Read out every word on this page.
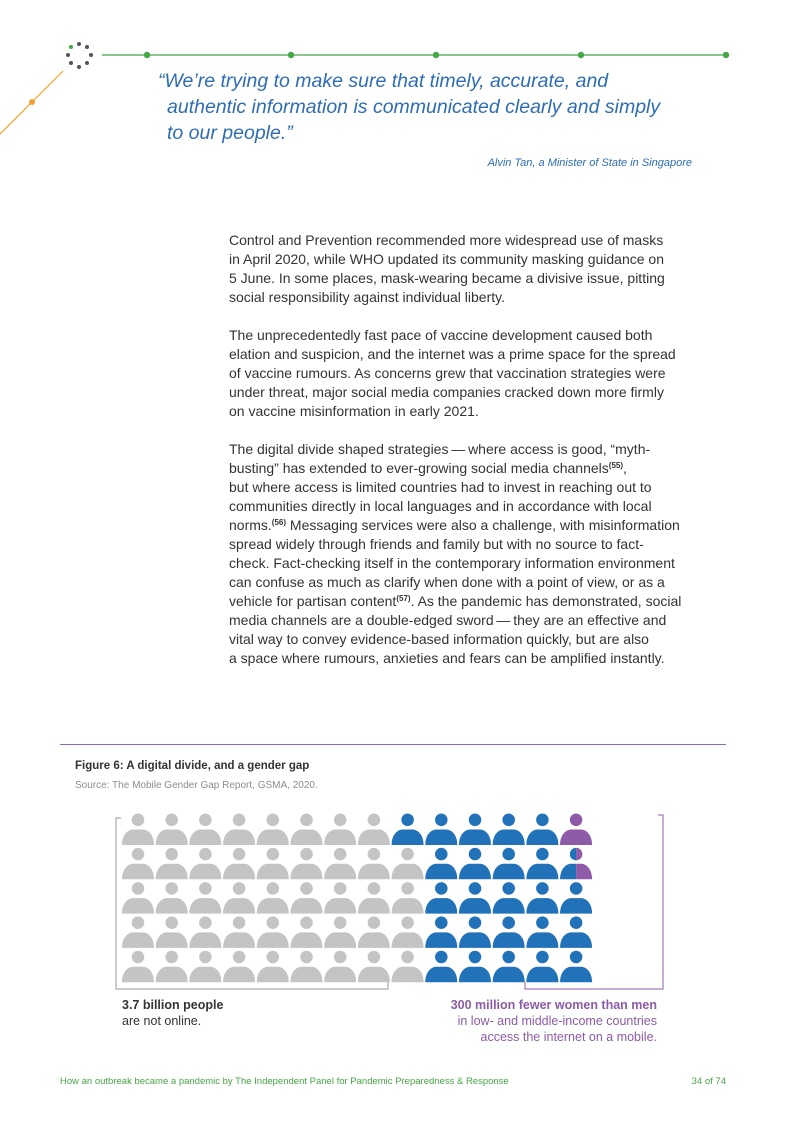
“We’re trying to make sure that timely, accurate, and
authentic information is communicated clearly and simply
to our people.”
Alvin Tan, a Minister of State in Singapore

Control and Prevention recommended more widespread use of masks
in April 2020, while WHO updated its community masking guidance on
5 June. In some places, mask-wearing became a divisive issue, pitting
social responsibility against individual liberty.

The unprecedentedly fast pace of vaccine development caused both
elation and suspicion, and the internet was a prime space for the spread
of vaccine rumours. As concerns grew that vaccination strategies were
under threat, major social media companies cracked down more firmly
on vaccine misinformation in early 2021.

The digital divide shaped strategies — where access is good, “myth-
busting” has extended to ever-growing social media channels$^{(55)}$,
but where access is limited countries had to invest in reaching out to
communities directly in local languages and in accordance with local
norms.$^{(56)}$ Messaging services were also a challenge, with misinformation
spread widely through friends and family but with no source to fact-
check. Fact-checking itself in the contemporary information environment
can confuse as much as clarify when done with a point of view, or as a
vehicle for partisan content$^{(57)}$. As the pandemic has demonstrated, social
media channels are a double-edged sword — they are an effective and
vital way to convey evidence-based information quickly, but are also
a space where rumours, anxieties and fears can be amplified instantly.

Figure 6: A digital divide, and a gender gap
Source: The Mobile Gender Gap Report, GSMA, 2020.
3.7 billion people
are not online.
300 million fewer women than men
in low- and middle-income countries
access the internet on a mobile.
How an outbreak became a pandemic by The Independent Panel for Pandemic Preparedness & Response	34 of 74
